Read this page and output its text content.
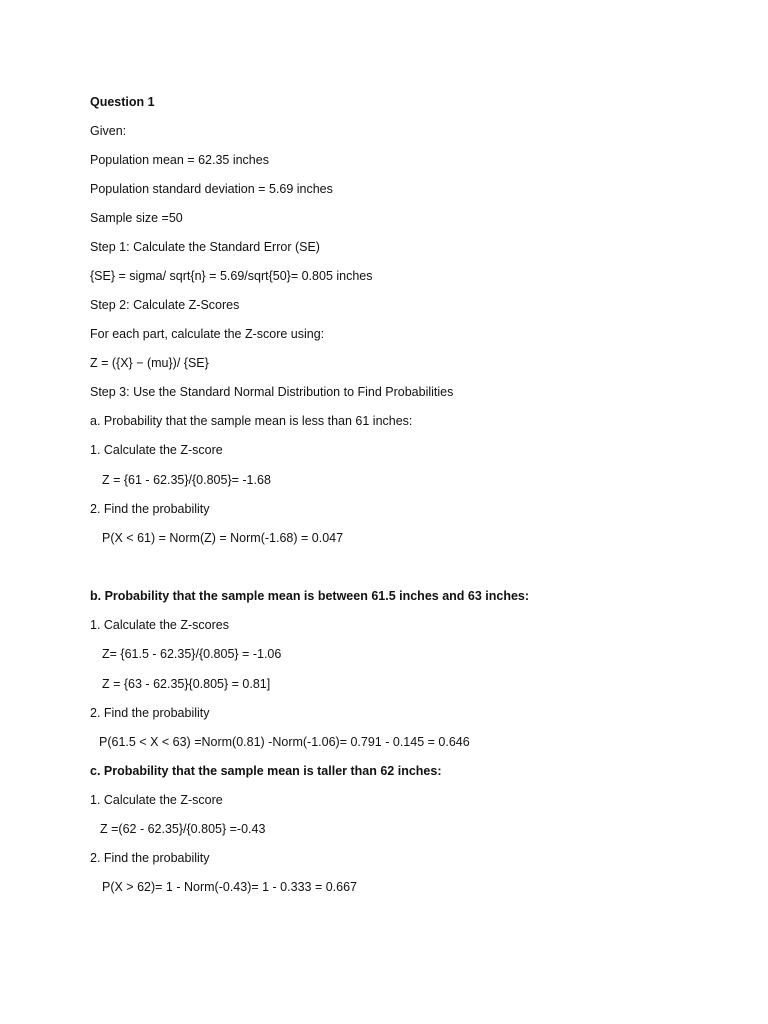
Question 1
Given:
Population mean = 62.35 inches
Population standard deviation = 5.69 inches
Sample size =50
Step 1: Calculate the Standard Error (SE)
{SE} = sigma/ sqrt{n} = 5.69/sqrt{50}= 0.805 inches
Step 2: Calculate Z-Scores
For each part, calculate the Z-score using:
Z = ({X} − (mu})/ {SE}
Step 3: Use the Standard Normal Distribution to Find Probabilities
a. Probability that the sample mean is less than 61 inches:
1. Calculate the Z-score
Z = {61 - 62.35}/{0.805}= -1.68
2. Find the probability
P(X < 61) = Norm(Z) = Norm(-1.68) = 0.047
b. Probability that the sample mean is between 61.5 inches and 63 inches:
1. Calculate the Z-scores
Z= {61.5 - 62.35}/{0.805} = -1.06
Z = {63 - 62.35}{0.805} = 0.81]
2. Find the probability
P(61.5 < X < 63) =Norm(0.81) -Norm(-1.06)= 0.791 - 0.145 = 0.646
c. Probability that the sample mean is taller than 62 inches:
1. Calculate the Z-score
Z =(62 - 62.35}/{0.805} =-0.43
2. Find the probability
P(X > 62)= 1 - Norm(-0.43)= 1 - 0.333 = 0.667
